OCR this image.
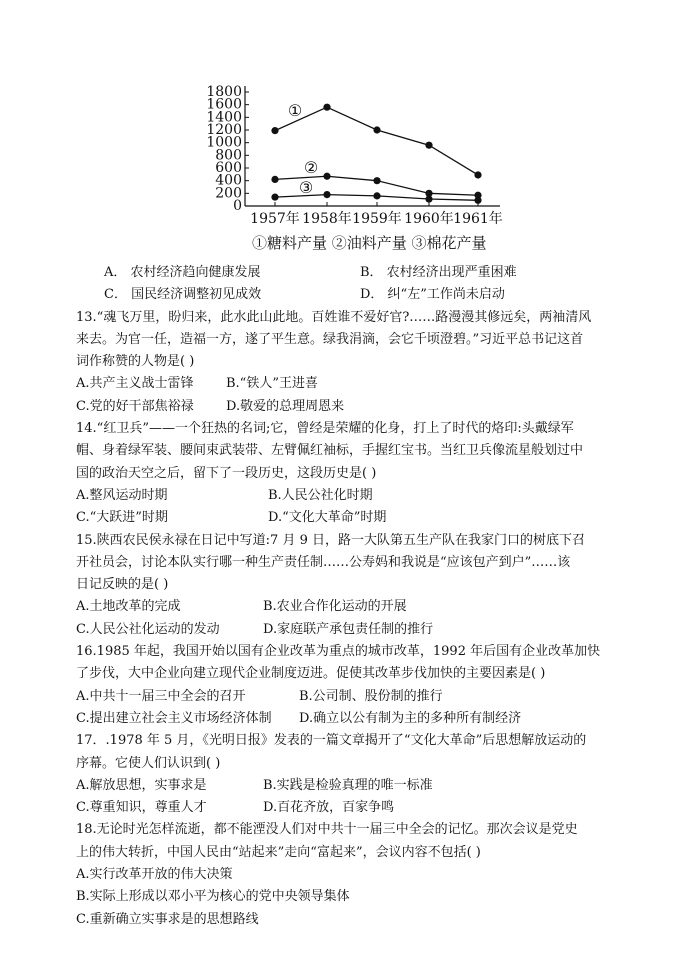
1800
1600
1400
1200
1000
800
600
400
200
0
1957年 1958年 1959年 1960年 1961年
①
②
③
①糖料产量 ②油料产量 ③棉花产量
A． 农村经济趋向健康发展	B． 农村经济出现严重困难
C． 国民经济调整初见成效	D． 纠“左”工作尚未启动
13.“魂飞万里，盼归来，此水此山此地。百姓谁不爱好官?……路漫漫其修远矣，两袖清风
来去。为官一任，造福一方，遂了平生意。绿我涓滴，会它千顷澄碧。”习近平总书记这首
词作称赞的人物是( )
A.共产主义战士雷锋 B.“铁人”王进喜
C.党的好干部焦裕禄 D.敬爱的总理周恩来
14.“红卫兵”——一个狂热的名词;它，曾经是荣耀的化身，打上了时代的烙印:头戴绿军
帽、身着绿军装、腰间束武装带、左臂佩红袖标，手握红宝书。当红卫兵像流星般划过中
国的政治天空之后，留下了一段历史，这段历史是( )
A.整风运动时期	B.人民公社化时期
C.“大跃进”时期	D.“文化大革命”时期
15.陕西农民侯永禄在日记中写道:7 月 9 日，路一大队第五生产队在我家门口的树底下召
开社员会，讨论本队实行哪一种生产责任制……公寿妈和我说是“应该包产到户”……该
日记反映的是( )
A.土地改革的完成	B.农业合作化运动的开展
C.人民公社化运动的发动	D.家庭联产承包责任制的推行
16.1985 年起，我国开始以国有企业改革为重点的城市改革，1992 年后国有企业改革加快
了步伐，大中企业向建立现代企业制度迈进。促使其改革步伐加快的主要因素是( )
A.中共十一届三中全会的召开	B.公司制、股份制的推行
C.提出建立社会主义市场经济体制 D.确立以公有制为主的多种所有制经济
17．.1978 年 5 月，《光明日报》发表的一篇文章揭开了“文化大革命”后思想解放运动的
序幕。它使人们认识到( )
A.解放思想，实事求是	B.实践是检验真理的唯一标准
C.尊重知识，尊重人才	D.百花齐放，百家争鸣
18.无论时光怎样流逝，都不能湮没人们对中共十一届三中全会的记忆。那次会议是党史
上的伟大转折，中国人民由“站起来”走向“富起来”，会议内容不包括( )
A.实行改革开放的伟大决策
B.实际上形成以邓小平为核心的党中央领导集体
C.重新确立实事求是的思想路线
